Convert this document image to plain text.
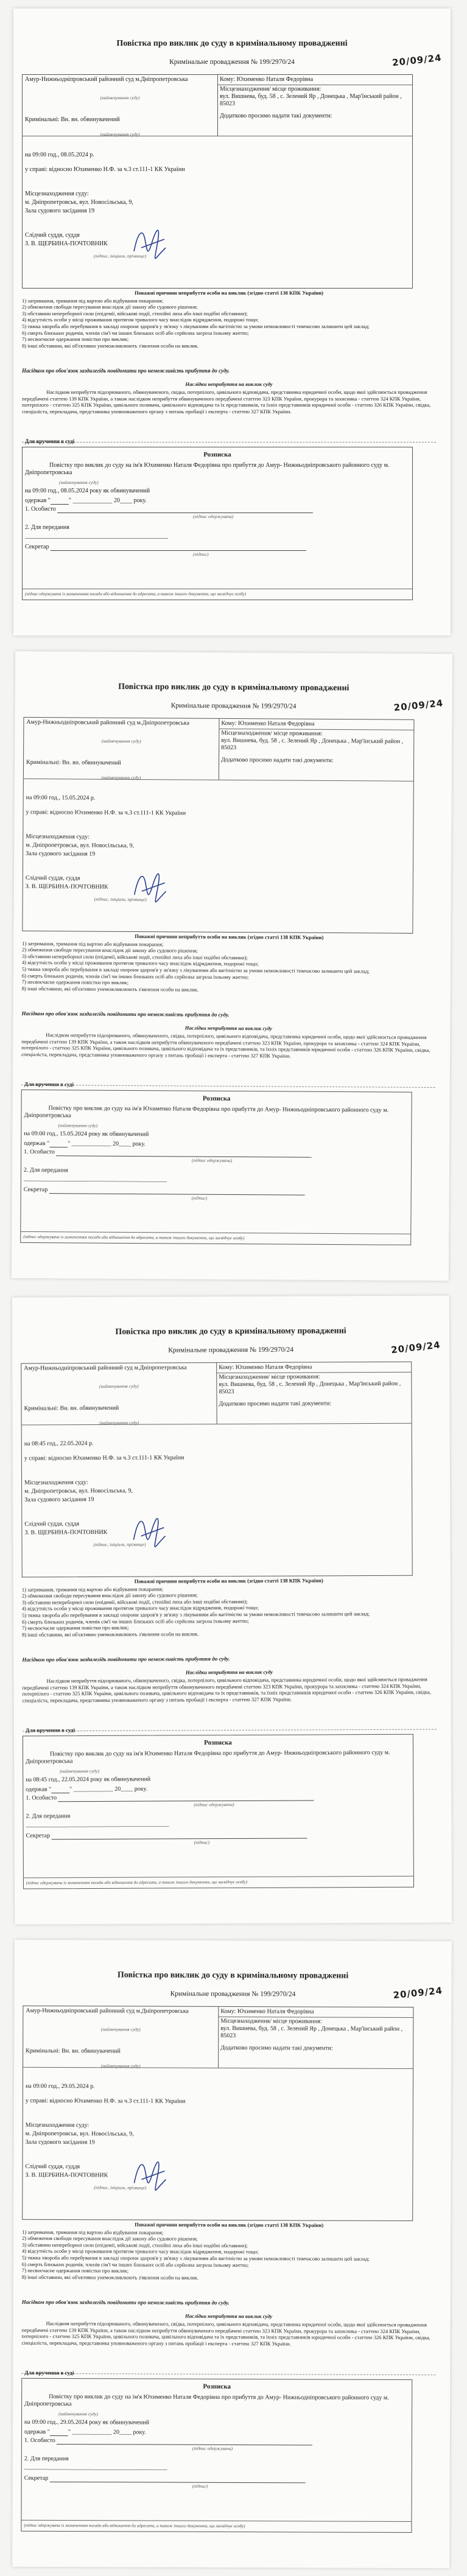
Повістка про виклик до суду в кримінальному провадженні
Кримінальне провадження № 199/2970/24	20/09/24
Амур-Нижньодніпровський районний суд м.Дніпропетровська
(найменування суду)
Кому: Юхименко Наталя Федорівна
Місцезнаходження/ місце проживання:
вул. Вишнева, буд. 58 , с. Зелений Яр , Донецька , Мар'їнський район , 85023
Додатково просимо надати такі документи:
Кримінальні: Вн. вн. обвинувачений
(найменування суду)
на 09:00 год., 08.05.2024 р.
у справі: відносно Юхименко Н.Ф. за ч.3 ст.111-1 КК України
Місцезнаходження суду:
м. Дніпропетровськ, вул. Новосільська, 9,
Зала судового засідання 19
Слідчий суддя, суддя
З. В. ЩЕРБИНА-ПОЧТОВНИК
(підпис, ініціали, прізвище)
Поважні причини неприбуття особи на виклик (згідно статті 138 КПК України)
1) затримання, тримання під вартою або відбування покарання;
2) обмеження свободи пересування внаслідок дії закону або судового рішення;
3) обставини непереборної сили (епідемії, військові події, стихійні лиха або інші подібні обставини);
4) відсутність особи у місці проживання протягом тривалого часу внаслідок відрядження, подорожі тощо;
5) тяжка хвороба або перебування в закладі охорони здоров'я у зв'язку з лікуванням або вагітністю за умови неможливості тимчасово залишити цей заклад;
6) смерть близьких родичів, членів сім'ї чи інших близьких осіб або серйозна загроза їхньому життю;
7) несвоєчасне одержання повістки про виклик;
8) інші обставини, які об'єктивно унеможливлюють з'явлення особи на виклик.
Насідком про обов'язок заздалегідь повідомити про неможливість прибуття до суду.
Наслідки неприбуття на виклик суду
Наслідком неприбуття підозрюваного, обвинуваченого, свідка, потерпілого, цивільного відповідача, представника юридичної особи, щодо якої здійснюється провадження передбачені статтею 139 КПК України, а також наслідком неприбуття обвинуваченого передбачені статтею 323 КПК України, прокурора та захисника - статтею 324 КПК України, потерпілого - статтею 325 КПК України, цивільного позивача, цивільного відповідача та їх представників, та їхніх представників юридичної особи - статтею 326 КПК України, свідка, спеціаліста, перекладача, представника уповноваженого органу з питань пробації і експерта - статтею 327 КПК України.
Для вручення в суді
Розписка
Повістку про виклик до суду на ім'я Юхименко Наталя Федорівна про прибуття до Амур- Нижньодніпровського районного суду м. Дніпропетровська
(найменування суду)
на 09:00 год., 08.05.2024 року як обвинувачений
одержав "	" _____________ 20____ року.
1. Особисто
(підпис одержувача)
2. Для передання
_______________________________________________
Секретар
(підпис)
(підпис одержувача із зазначенням посади або відношення до адресата, а також іншого документа, що засвідчує особу)
Повістка про виклик до суду в кримінальному провадженні
Кримінальне провадження № 199/2970/24	20/09/24
Амур-Нижньодніпровський районний суд м.Дніпропетровська
(найменування суду)
Кому: Юхименко Наталя Федорівна
Місцезнаходження/ місце проживання:
вул. Вишнева, буд. 58 , с. Зелений Яр , Донецька , Мар'їнський район , 85023
Додатково просимо надати такі документи:
Кримінальні: Вн. вн. обвинувачений
(найменування суду)
на 09:00 год., 15.05.2024 р.
у справі: відносно Юхименко Н.Ф. за ч.3 ст.111-1 КК України
Місцезнаходження суду:
м. Дніпропетровськ, вул. Новосільська, 9,
Зала судового засідання 19
Слідчий суддя, суддя
З. В. ЩЕРБИНА-ПОЧТОВНИК
(підпис, ініціали, прізвище)
Поважні причини неприбуття особи на виклик (згідно статті 138 КПК України)
1) затримання, тримання під вартою або відбування покарання;
2) обмеження свободи пересування внаслідок дії закону або судового рішення;
3) обставини непереборної сили (епідемії, військові події, стихійні лиха або інші подібні обставини);
4) відсутність особи у місці проживання протягом тривалого часу внаслідок відрядження, подорожі тощо;
5) тяжка хвороба або перебування в закладі охорони здоров'я у зв'язку з лікуванням або вагітністю за умови неможливості тимчасово залишити цей заклад;
6) смерть близьких родичів, членів сім'ї чи інших близьких осіб або серйозна загроза їхньому життю;
7) несвоєчасне одержання повістки про виклик;
8) інші обставини, які об'єктивно унеможливлюють з'явлення особи на виклик.
Насідком про обов'язок заздалегідь повідомити про неможливість прибуття до суду.
Наслідки неприбуття на виклик суду
Наслідком неприбуття підозрюваного, обвинуваченого, свідка, потерпілого, цивільного відповідача, представника юридичної особи, щодо якої здійснюється провадження передбачені статтею 139 КПК України, а також наслідком неприбуття обвинуваченого передбачені статтею 323 КПК України, прокурора та захисника - статтею 324 КПК України, потерпілого - статтею 325 КПК України, цивільного позивача, цивільного відповідача та їх представників, та їхніх представників юридичної особи - статтею 326 КПК України, свідка, спеціаліста, перекладача, представника уповноваженого органу з питань пробації і експерта - статтею 327 КПК України.
Для вручення в суді
Розписка
Повістку про виклик до суду на ім'я Юхименко Наталя Федорівна про прибуття до Амур- Нижньодніпровського районного суду м. Дніпропетровська
(найменування суду)
на 09:00 год., 15.05.2024 року як обвинувачений
одержав "	" _____________ 20____ року.
1. Особисто
(підпис одержувача)
2. Для передання
_______________________________________________
Секретар
(підпис)
(підпис одержувача із зазначенням посади або відношення до адресата, а також іншого документа, що засвідчує особу)
Повістка про виклик до суду в кримінальному провадженні
Кримінальне провадження № 199/2970/24	20/09/24
Амур-Нижньодніпровський районний суд м.Дніпропетровська
(найменування суду)
Кому: Юхименко Наталя Федорівна
Місцезнаходження/ місце проживання:
вул. Вишнева, буд. 58 , с. Зелений Яр , Донецька , Мар'їнський район , 85023
Додатково просимо надати такі документи:
Кримінальні: Вн. вн. обвинувачений
(найменування суду)
на 08:45 год., 22.05.2024 р.
у справі: відносно Юхименко Н.Ф. за ч.3 ст.111-1 КК України
Місцезнаходження суду:
м. Дніпропетровськ, вул. Новосільська, 9,
Зала судового засідання 19
Слідчий суддя, суддя
З. В. ЩЕРБИНА-ПОЧТОВНИК
(підпис, ініціали, прізвище)
Поважні причини неприбуття особи на виклик (згідно статті 138 КПК України)
1) затримання, тримання під вартою або відбування покарання;
2) обмеження свободи пересування внаслідок дії закону або судового рішення;
3) обставини непереборної сили (епідемії, військові події, стихійні лиха або інші подібні обставини);
4) відсутність особи у місці проживання протягом тривалого часу внаслідок відрядження, подорожі тощо;
5) тяжка хвороба або перебування в закладі охорони здоров'я у зв'язку з лікуванням або вагітністю за умови неможливості тимчасово залишити цей заклад;
6) смерть близьких родичів, членів сім'ї чи інших близьких осіб або серйозна загроза їхньому життю;
7) несвоєчасне одержання повістки про виклик;
8) інші обставини, які об'єктивно унеможливлюють з'явлення особи на виклик.
Насідком про обов'язок заздалегідь повідомити про неможливість прибуття до суду.
Наслідки неприбуття на виклик суду
Наслідком неприбуття підозрюваного, обвинуваченого, свідка, потерпілого, цивільного відповідача, представника юридичної особи, щодо якої здійснюється провадження передбачені статтею 139 КПК України, а також наслідком неприбуття обвинуваченого передбачені статтею 323 КПК України, прокурора та захисника - статтею 324 КПК України, потерпілого - статтею 325 КПК України, цивільного позивача, цивільного відповідача та їх представників, та їхніх представників юридичної особи - статтею 326 КПК України, свідка, спеціаліста, перекладача, представника уповноваженого органу з питань пробації і експерта - статтею 327 КПК України.
Для вручення в суді
Розписка
Повістку про виклик до суду на ім'я Юхименко Наталя Федорівна про прибуття до Амур- Нижньодніпровського районного суду м. Дніпропетровська
(найменування суду)
на 08:45 год., 22.05.2024 року як обвинувачений
одержав "	" _____________ 20____ року.
1. Особисто
(підпис одержувача)
2. Для передання
_______________________________________________
Секретар
(підпис)
(підпис одержувача із зазначенням посади або відношення до адресата, а також іншого документа, що засвідчує особу)
Повістка про виклик до суду в кримінальному провадженні
Кримінальне провадження № 199/2970/24	20/09/24
Амур-Нижньодніпровський районний суд м.Дніпропетровська
(найменування суду)
Кому: Юхименко Наталя Федорівна
Місцезнаходження/ місце проживання:
вул. Вишнева, буд. 58 , с. Зелений Яр , Донецька , Мар'їнський район , 85023
Додатково просимо надати такі документи:
Кримінальні: Вн. вн. обвинувачений
(найменування суду)
на 09:00 год., 29.05.2024 р.
у справі: відносно Юхименко Н.Ф. за ч.3 ст.111-1 КК України
Місцезнаходження суду:
м. Дніпропетровськ, вул. Новосільська, 9,
Зала судового засідання 19
Слідчий суддя, суддя
З. В. ЩЕРБИНА-ПОЧТОВНИК
(підпис, ініціали, прізвище)
Поважні причини неприбуття особи на виклик (згідно статті 138 КПК України)
1) затримання, тримання під вартою або відбування покарання;
2) обмеження свободи пересування внаслідок дії закону або судового рішення;
3) обставини непереборної сили (епідемії, військові події, стихійні лиха або інші подібні обставини);
4) відсутність особи у місці проживання протягом тривалого часу внаслідок відрядження, подорожі тощо;
5) тяжка хвороба або перебування в закладі охорони здоров'я у зв'язку з лікуванням або вагітністю за умови неможливості тимчасово залишити цей заклад;
6) смерть близьких родичів, членів сім'ї чи інших близьких осіб або серйозна загроза їхньому життю;
7) несвоєчасне одержання повістки про виклик;
8) інші обставини, які об'єктивно унеможливлюють з'явлення особи на виклик.
Насідком про обов'язок заздалегідь повідомити про неможливість прибуття до суду.
Наслідки неприбуття на виклик суду
Наслідком неприбуття підозрюваного, обвинуваченого, свідка, потерпілого, цивільного відповідача, представника юридичної особи, щодо якої здійснюється провадження передбачені статтею 139 КПК України, а також наслідком неприбуття обвинуваченого передбачені статтею 323 КПК України, прокурора та захисника - статтею 324 КПК України, потерпілого - статтею 325 КПК України, цивільного позивача, цивільного відповідача та їх представників, та їхніх представників юридичної особи - статтею 326 КПК України, свідка, спеціаліста, перекладача, представника уповноваженого органу з питань пробації і експерта - статтею 327 КПК України.
Для вручення в суді
Розписка
Повістку про виклик до суду на ім'я Юхименко Наталя Федорівна про прибуття до Амур- Нижньодніпровського районного суду м. Дніпропетровська
(найменування суду)
на 09:00 год., 29.05.2024 року як обвинувачений
одержав "	" _____________ 20____ року.
1. Особисто
(підпис одержувача)
2. Для передання
_______________________________________________
Секретар
(підпис)
(підпис одержувача із зазначенням посади або відношення до адресата, а також іншого документа, що засвідчує особу)
